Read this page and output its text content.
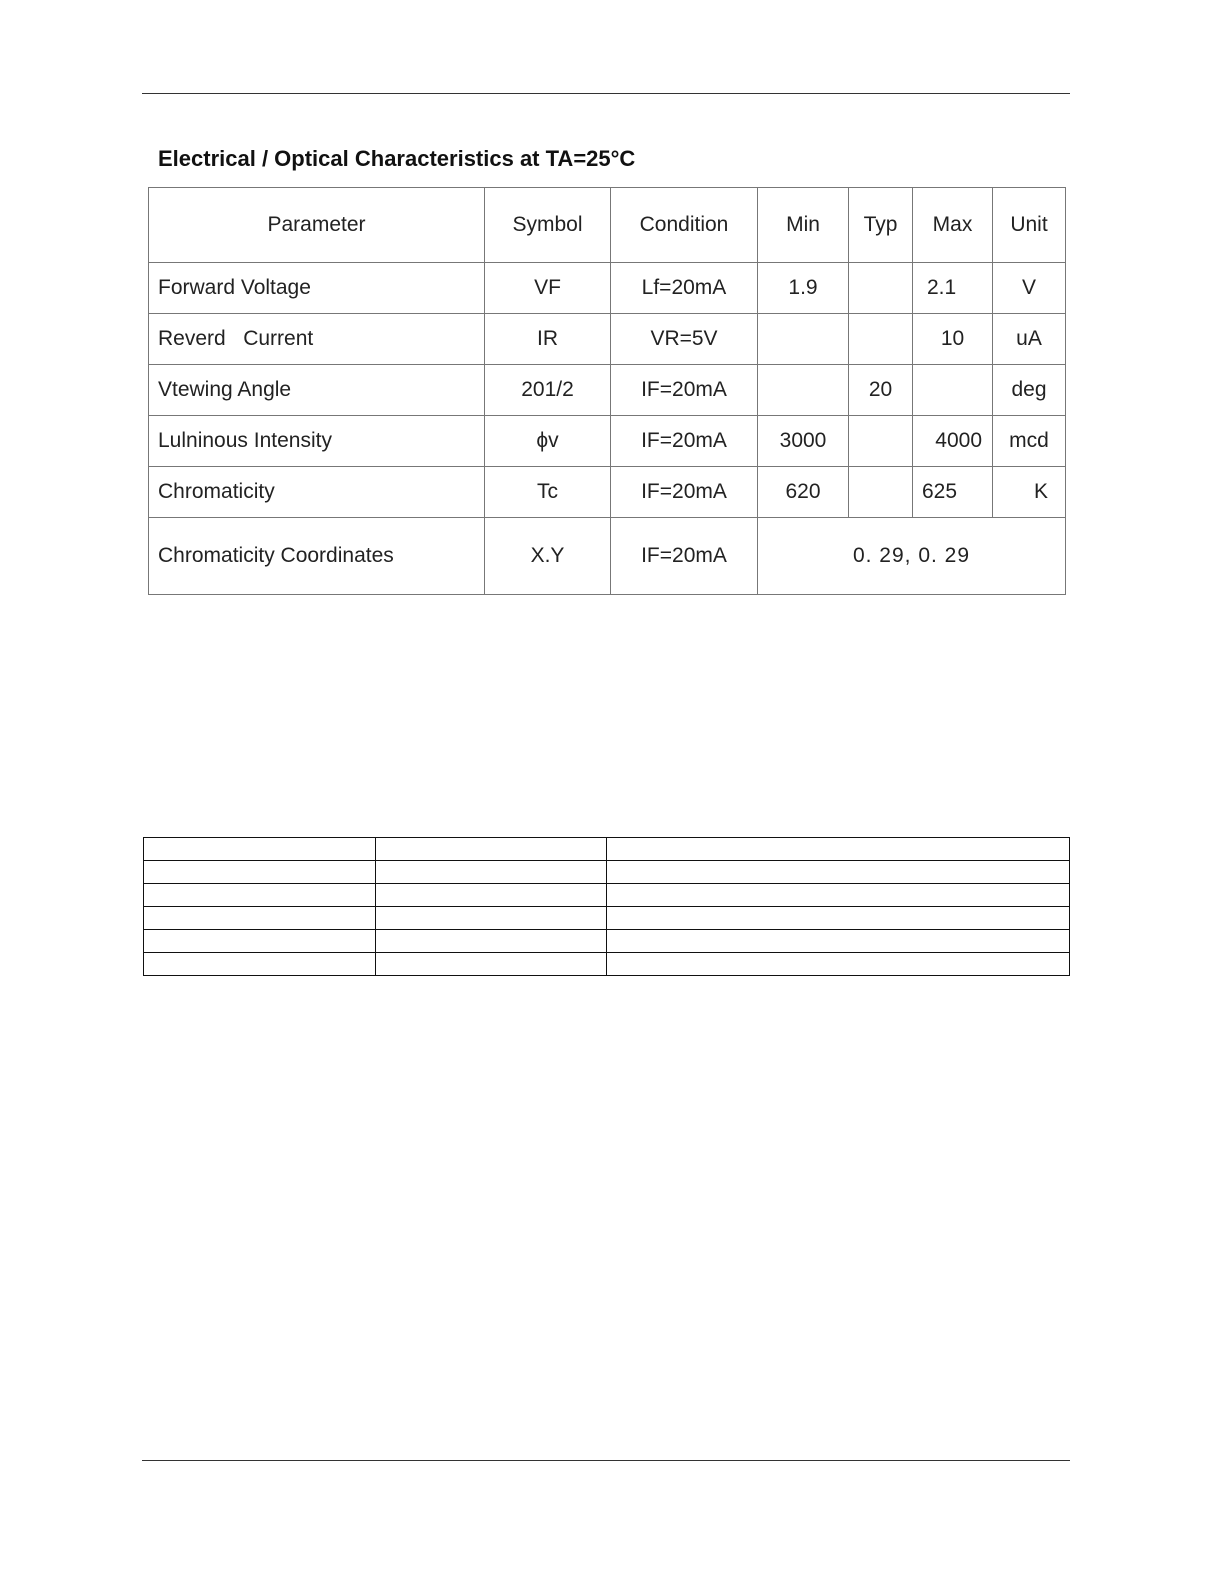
Electrical / Optical Characteristics at TA=25°C
Parameter	Symbol	Condition	Min	Typ	Max	Unit
Forward Voltage	VF	Lf=20mA	1.9		2.1	V
Reverd   Current	IR	VR=5V			10	uA
Vtewing Angle	201/2	IF=20mA		20		deg
Lulninous Intensity	ϕv	IF=20mA	3000		4000	mcd
Chromaticity	Tc	IF=20mA	620		625	K
Chromaticity Coordinates	X.Y	IF=20mA	0. 29, 0. 29			
